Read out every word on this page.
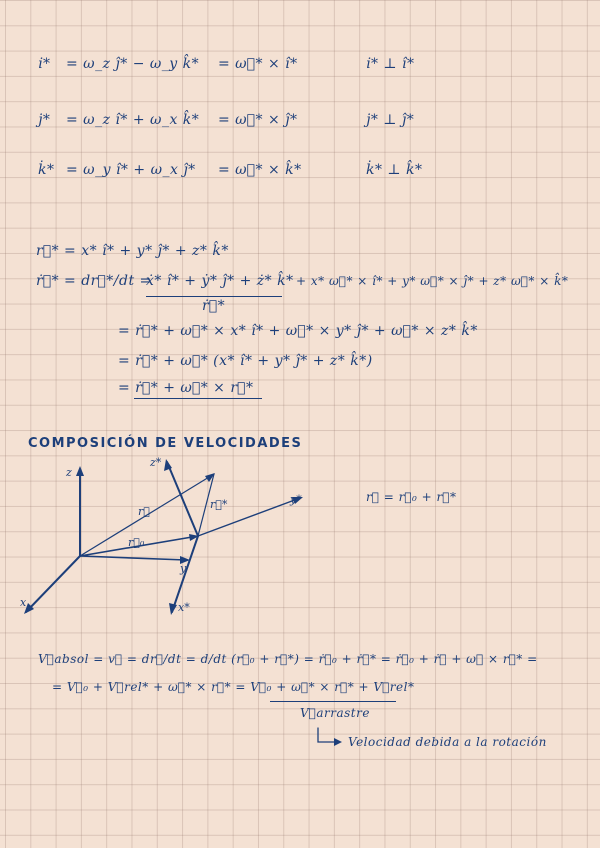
i̇* = ω_z ĵ* − ω_y k̂* = ω⃗* × î*	i̇* ⊥ î*
j̇* = ω_z î* + ω_x k̂* = ω⃗* × ĵ*	j̇* ⊥ ĵ*
k̇* = ω_y î* + ω_x ĵ* = ω⃗* × k̂*	k̇* ⊥ k̂*
r⃗* = x* î* + y* ĵ* + z* k̂*
ṙ⃗* = dr⃗*/dt =
ẋ* î* + ẏ* ĵ* + ż* k̂* + x* ω⃗* × î* + y* ω⃗* × ĵ* + z* ω⃗* × k̂*
ṙ⃗*
= ṙ⃗* + ω⃗* × x* î* + ω⃗* × y* ĵ* + ω⃗* × z* k̂*
= ṙ⃗* + ω⃗* (x* î* + y* ĵ* + z* k̂*)
= ṙ⃗* + ω⃗* × r⃗*
COMPOSICIÓN DE VELOCIDADES
z
x
y
z*
x*
y*
r⃗
r⃗₀
r⃗*
r⃗ = r⃗₀ + r⃗*
V⃗absol = v⃗ = dr⃗/dt = d/dt (r⃗₀ + r⃗*) = ṙ⃗₀ + ṙ⃗* = ṙ⃗₀ + ṙ⃗ + ω⃗ × r⃗* =
= V⃗₀ + V⃗rel* + ω⃗* × r⃗* = V⃗₀ + ω⃗* × r⃗* + V⃗rel*
V⃗arrastre
Velocidad debida a la rotación
